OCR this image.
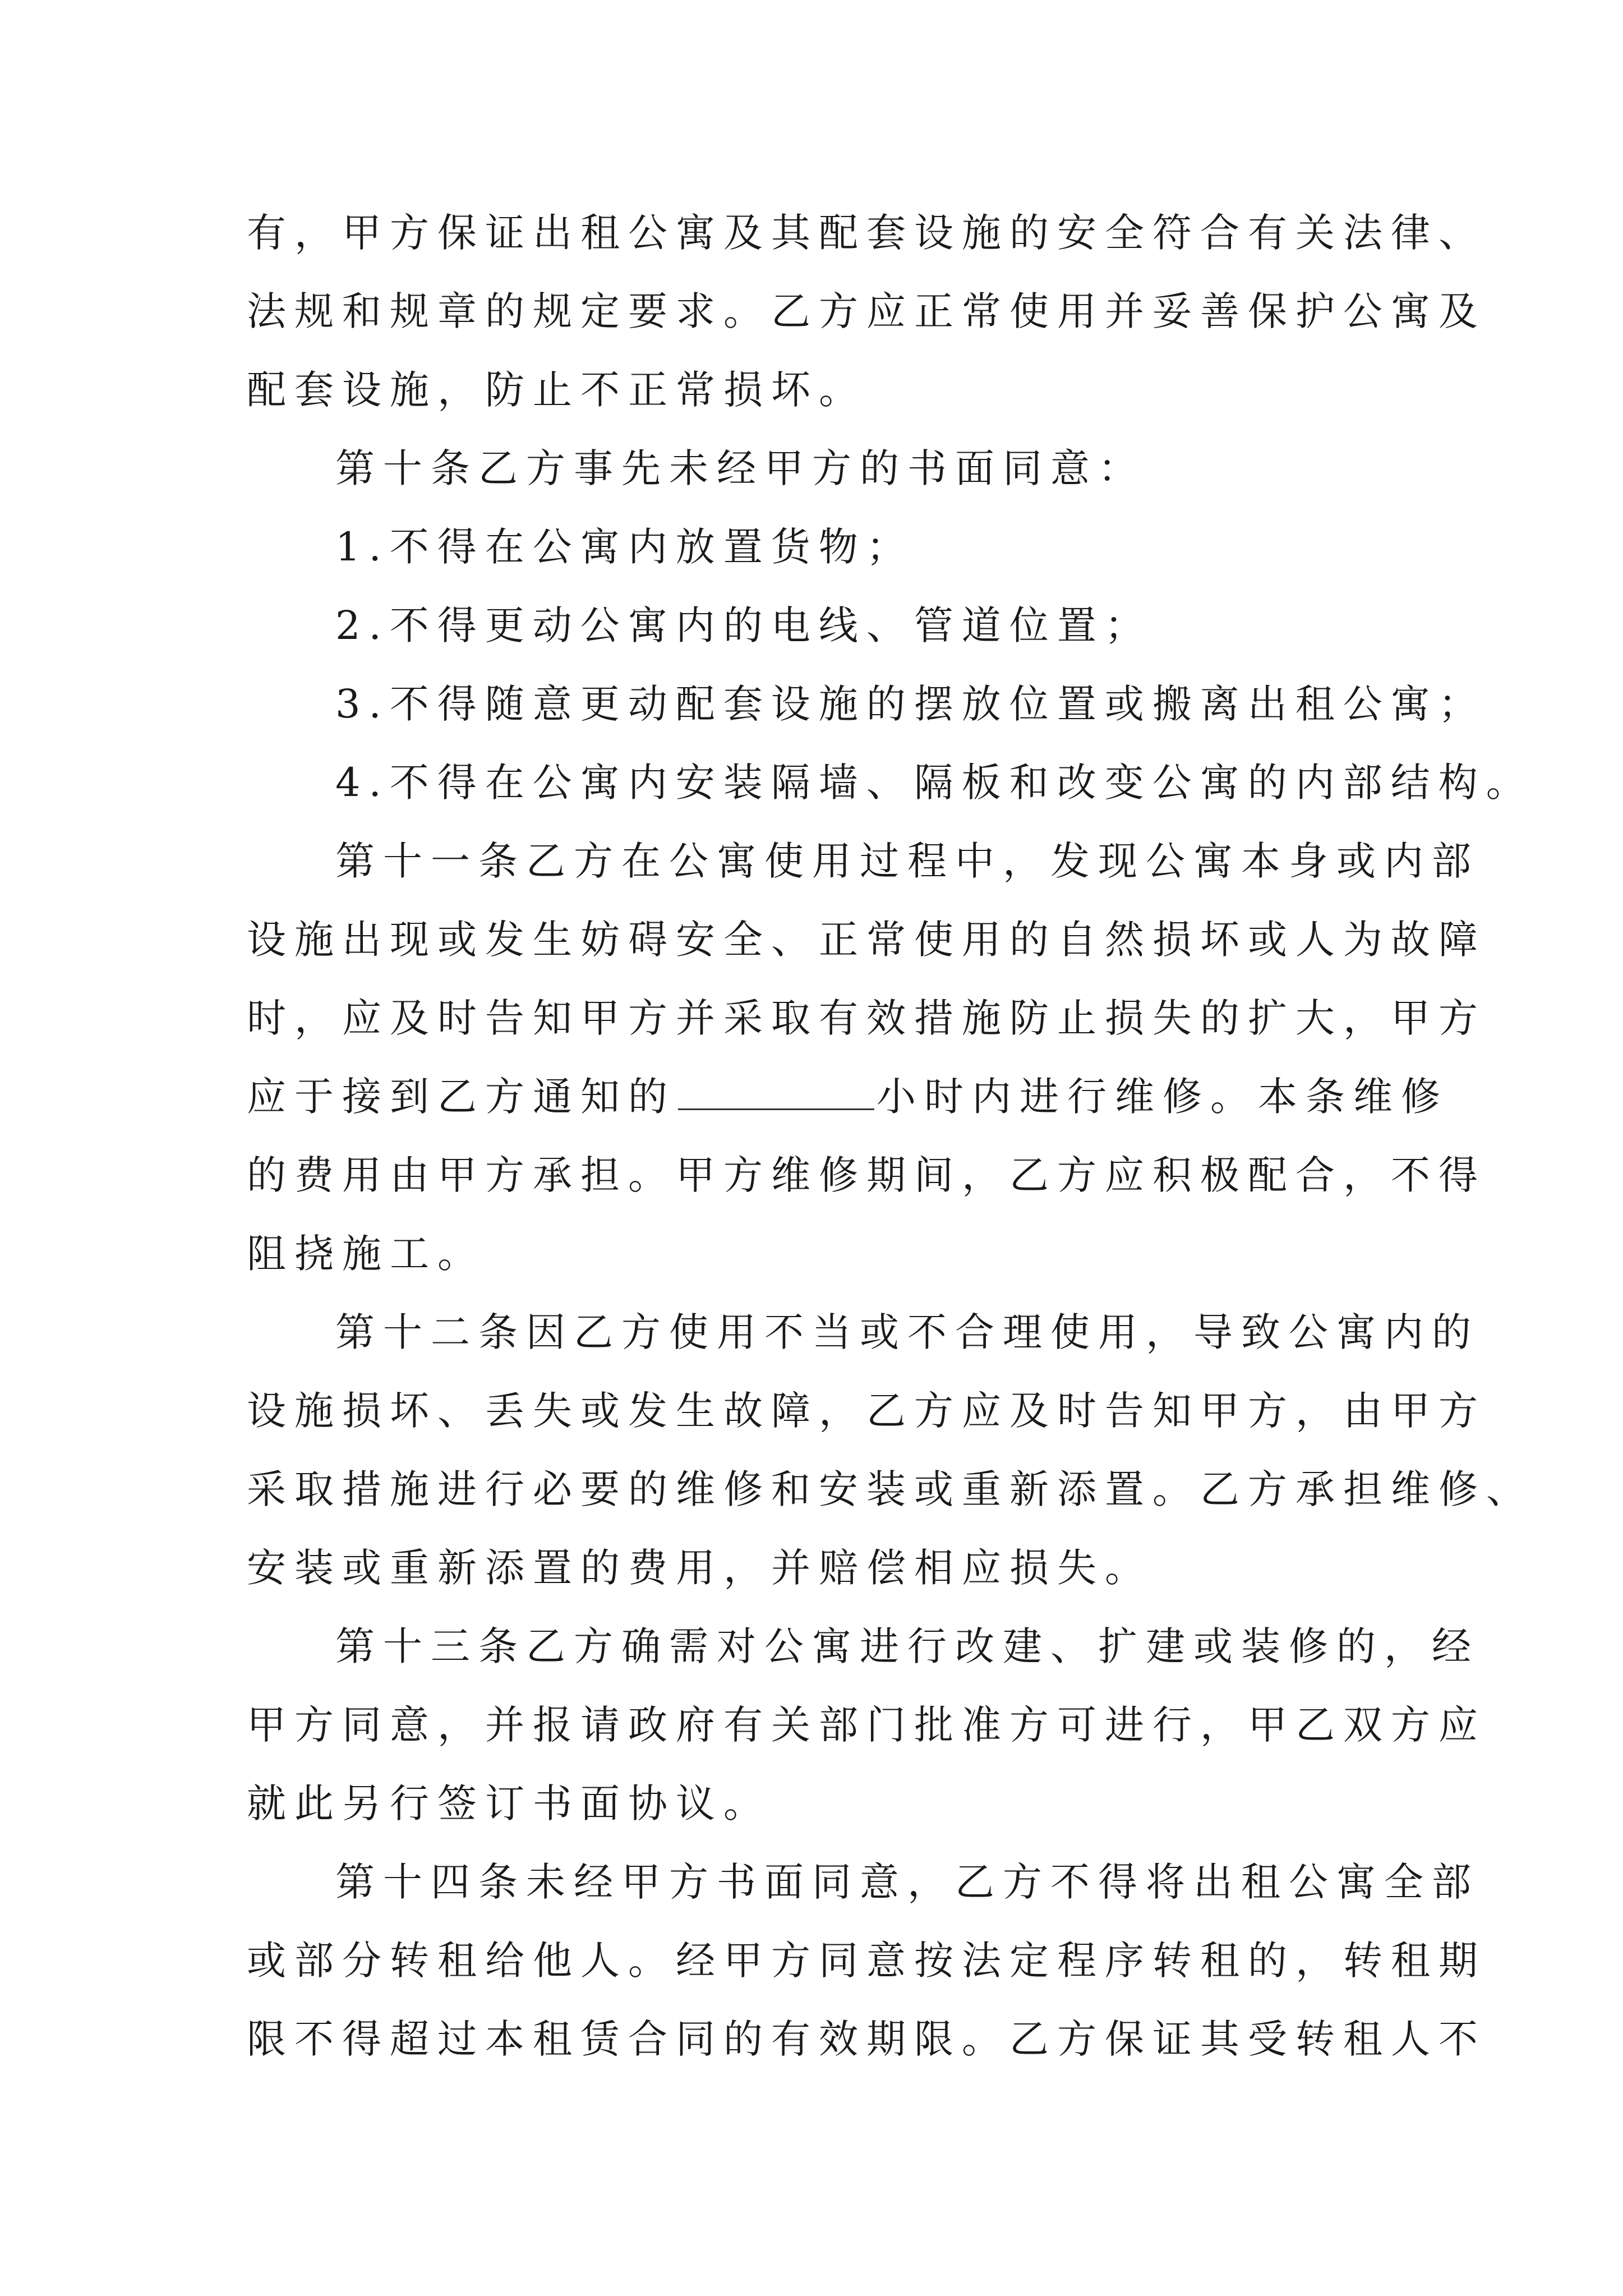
有，甲方保证出租公寓及其配套设施的安全符合有关法律、
法规和规章的规定要求。乙方应正常使用并妥善保护公寓及
配套设施，防止不正常损坏。
第十条乙方事先未经甲方的书面同意：
1.不得在公寓内放置货物；
2.不得更动公寓内的电线、管道位置；
3.不得随意更动配套设施的摆放位置或搬离出租公寓；
4.不得在公寓内安装隔墙、隔板和改变公寓的内部结构。
第十一条乙方在公寓使用过程中，发现公寓本身或内部
设施出现或发生妨碍安全、正常使用的自然损坏或人为故障
时，应及时告知甲方并采取有效措施防止损失的扩大，甲方
应于接到乙方通知的	小时内进行维修。本条维修
的费用由甲方承担。甲方维修期间，乙方应积极配合，不得
阻挠施工。
第十二条因乙方使用不当或不合理使用，导致公寓内的
设施损坏、丢失或发生故障，乙方应及时告知甲方，由甲方
采取措施进行必要的维修和安装或重新添置。乙方承担维修、
安装或重新添置的费用，并赔偿相应损失。
第十三条乙方确需对公寓进行改建、扩建或装修的，经
甲方同意，并报请政府有关部门批准方可进行，甲乙双方应
就此另行签订书面协议。
第十四条未经甲方书面同意，乙方不得将出租公寓全部
或部分转租给他人。经甲方同意按法定程序转租的，转租期
限不得超过本租赁合同的有效期限。乙方保证其受转租人不
